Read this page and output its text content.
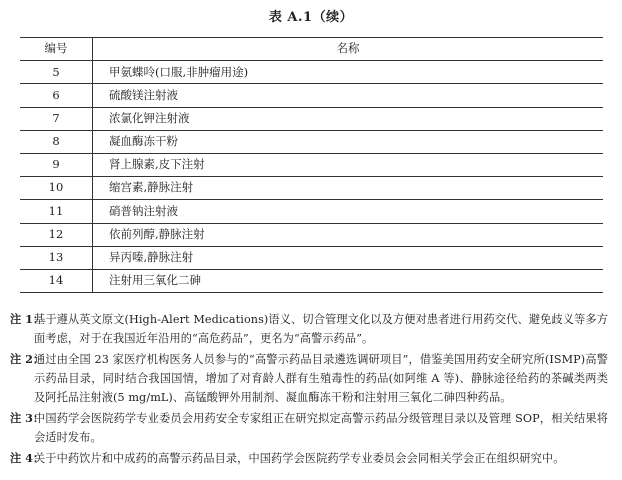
表 A.1（续）
编号	名称
5	甲氨蝶呤(口服,非肿瘤用途)
6	硫酸镁注射液
7	浓氯化钾注射液
8	凝血酶冻干粉
9	肾上腺素,皮下注射
10	缩宫素,静脉注射
11	硝普钠注射液
12	依前列醇,静脉注射
13	异丙嗪,静脉注射
14	注射用三氧化二砷
注 1：
基于遵从英文原文(High-Alert Medications)语义、切合管理文化以及方便对患者进行用药交代、避免歧义等多方面考虑，对于在我国近年沿用的“高危药品”，更名为“高警示药品”。
注 2：
通过由全国 23 家医疗机构医务人员参与的“高警示药品目录遴选调研项目”，借鉴美国用药安全研究所(ISMP)高警示药品目录，同时结合我国国情，增加了对育龄人群有生殖毒性的药品(如阿维 A 等)、静脉途径给药的茶碱类两类及阿托品注射液(5 mg/mL)、高锰酸钾外用制剂、凝血酶冻干粉和注射用三氧化二砷四种药品。
注 3：
中国药学会医院药学专业委员会用药安全专家组正在研究拟定高警示药品分级管理目录以及管理 SOP，相关结果将会适时发布。
注 4：
关于中药饮片和中成药的高警示药品目录，中国药学会医院药学专业委员会会同相关学会正在组织研究中。
